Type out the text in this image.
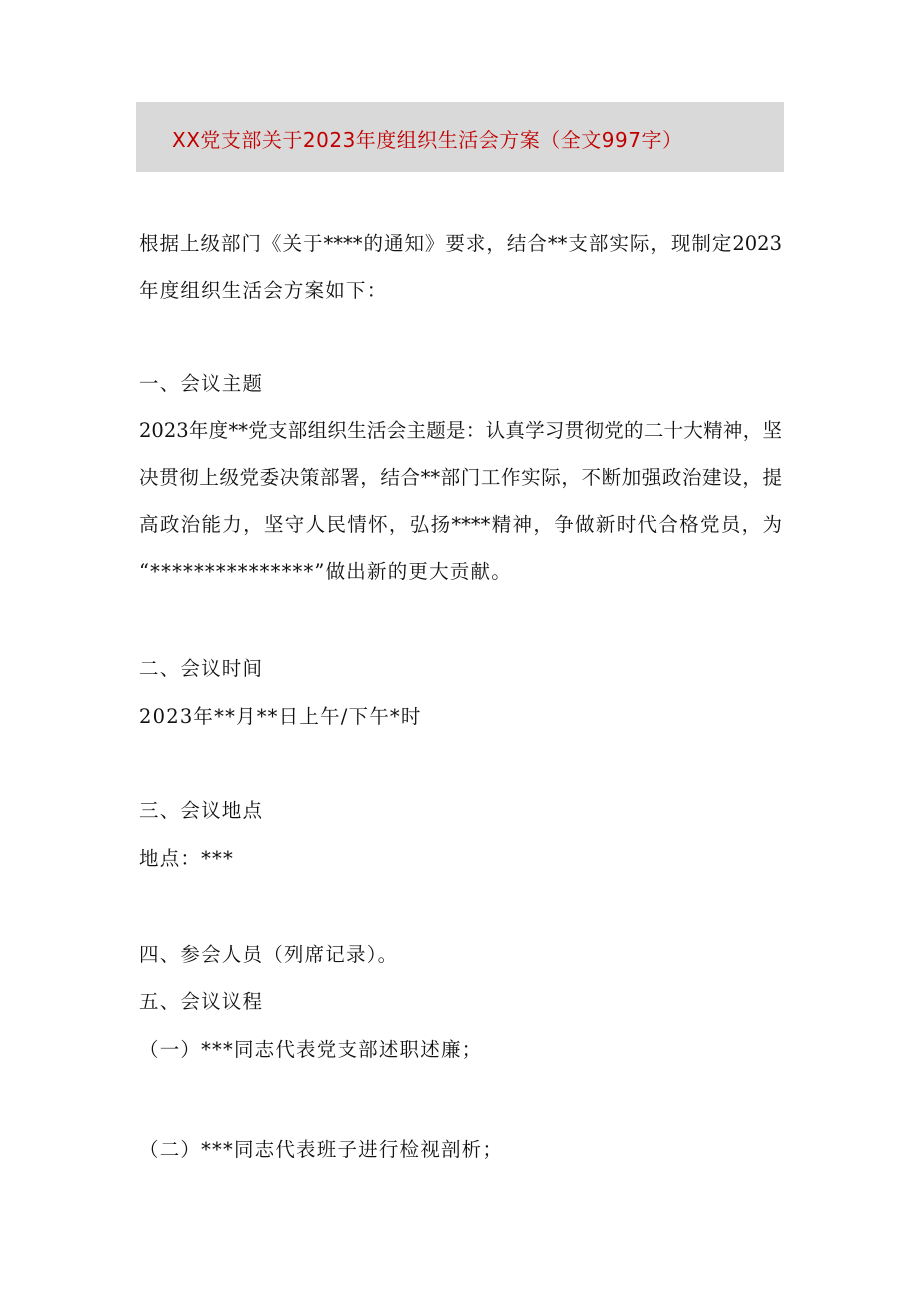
XX党支部关于2023年度组织生活会方案（全文997字）
根据上级部门《关于****的通知》要求，结合**支部实际，现制定2023
年度组织生活会方案如下：
一、会议主题
2023年度**党支部组织生活会主题是：认真学习贯彻党的二十大精神，坚
决贯彻上级党委决策部署，结合**部门工作实际，不断加强政治建设，提
高政治能力，坚守人民情怀，弘扬****精神，争做新时代合格党员，为
“***************”做出新的更大贡献。
二、会议时间
2023年**月**日上午/下午*时
三、会议地点
地点：***
四、参会人员（列席记录）。
五、会议议程
（一）***同志代表党支部述职述廉；
（二）***同志代表班子进行检视剖析；
